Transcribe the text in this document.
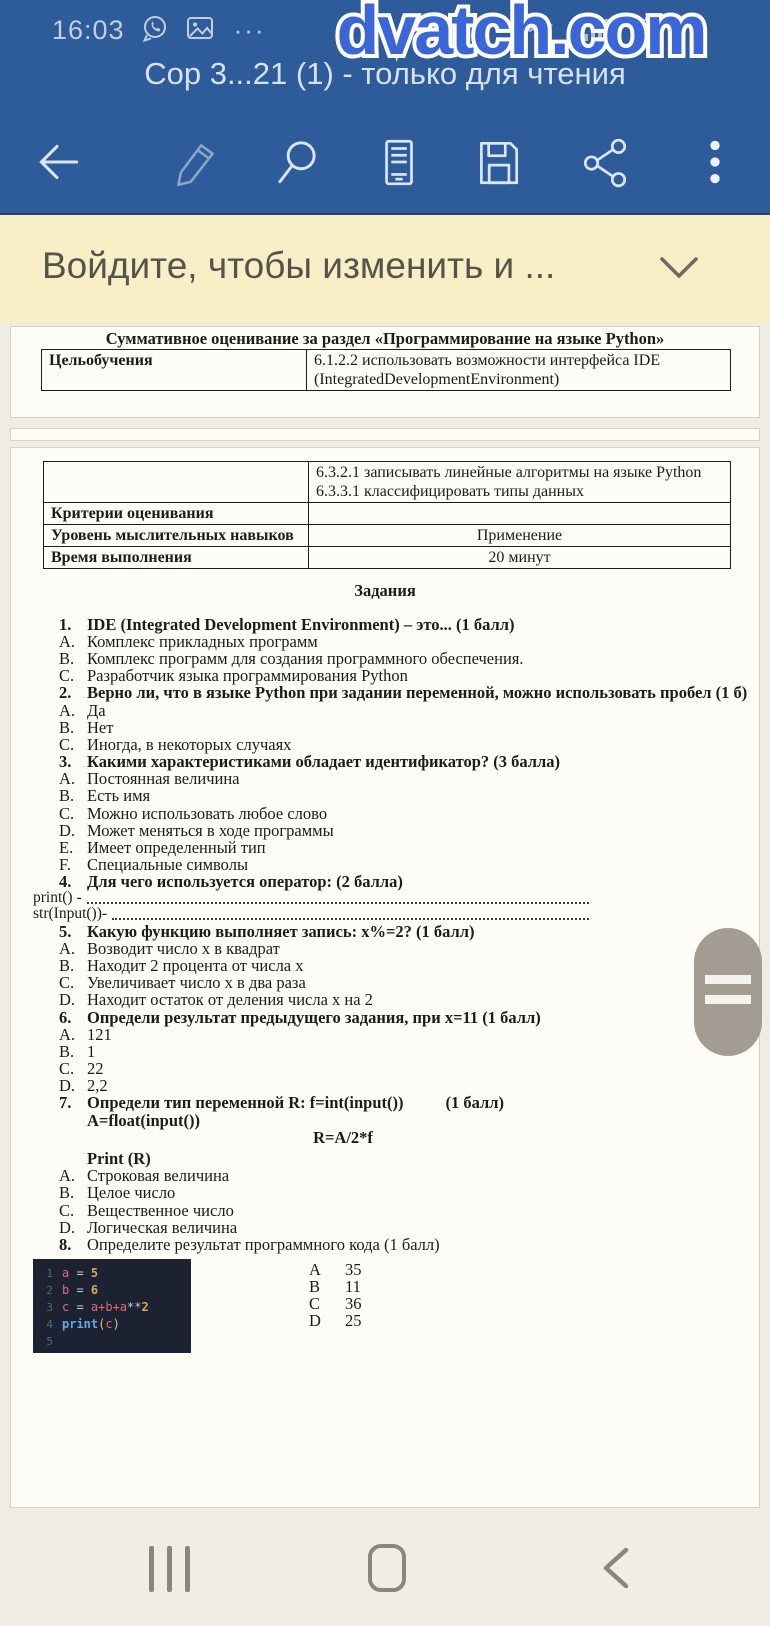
16:03	···	dvatch.com
Сор 3...21 (1) - только для чтения
Войдите, чтобы изменить и ...
Суммативное оценивание за раздел «Программирование на языке Python»
Цельобучения	6.1.2.2 использовать возможности интерфейса IDE
(IntegratedDevelopmentEnvironment)

	6.3.2.1 записывать линейные алгоритмы на языке Python
6.3.3.1 классифицировать типы данных

Критерии оценивания	
Уровень мыслительных навыков	Применение
Время выполнения	20 минут
Задания
1. IDE (Integrated Development Environment) – это... (1 балл)
A. Комплекс прикладных программ
B. Комплекс программ для создания программного обеспечения.
C. Разработчик языка программирования Python
2. Верно ли, что в языке Python при задании переменной, можно использовать пробел (1 б)
A. Да
B. Нет
C. Иногда, в некоторых случаях
3. Какими характеристиками обладает идентификатор? (3 балла)
A. Постоянная величина
B. Есть имя
C. Можно использовать любое слово
D. Может меняться в ходе программы
E. Имеет определенный тип
F. Специальные символы
4. Для чего используется оператор: (2 балла)
print() -
str(Input())-
5. Какую функцию выполняет запись: x%=2? (1 балл)
A. Возводит число x в квадрат
B. Находит 2 процента от числа x
C. Увеличивает число x в два раза
D. Находит остаток от деления числа x на 2
6. Определи результат предыдущего задания, при x=11 (1 балл)
A. 121
B. 1
C. 22
D. 2,2
7. Определи тип переменной R: f=int(input())	(1 балл)
A=float(input())
R=A/2*f
Print (R)
A. Строковая величина
B. Целое число
C. Вещественное число
D. Логическая величина
8. Определите результат программного кода (1 балл)
1 a = 5
2 b = 6
3 c = a+b+a ** 2
4 print ( c )
5
A	35
B	11
C	36
D	25
